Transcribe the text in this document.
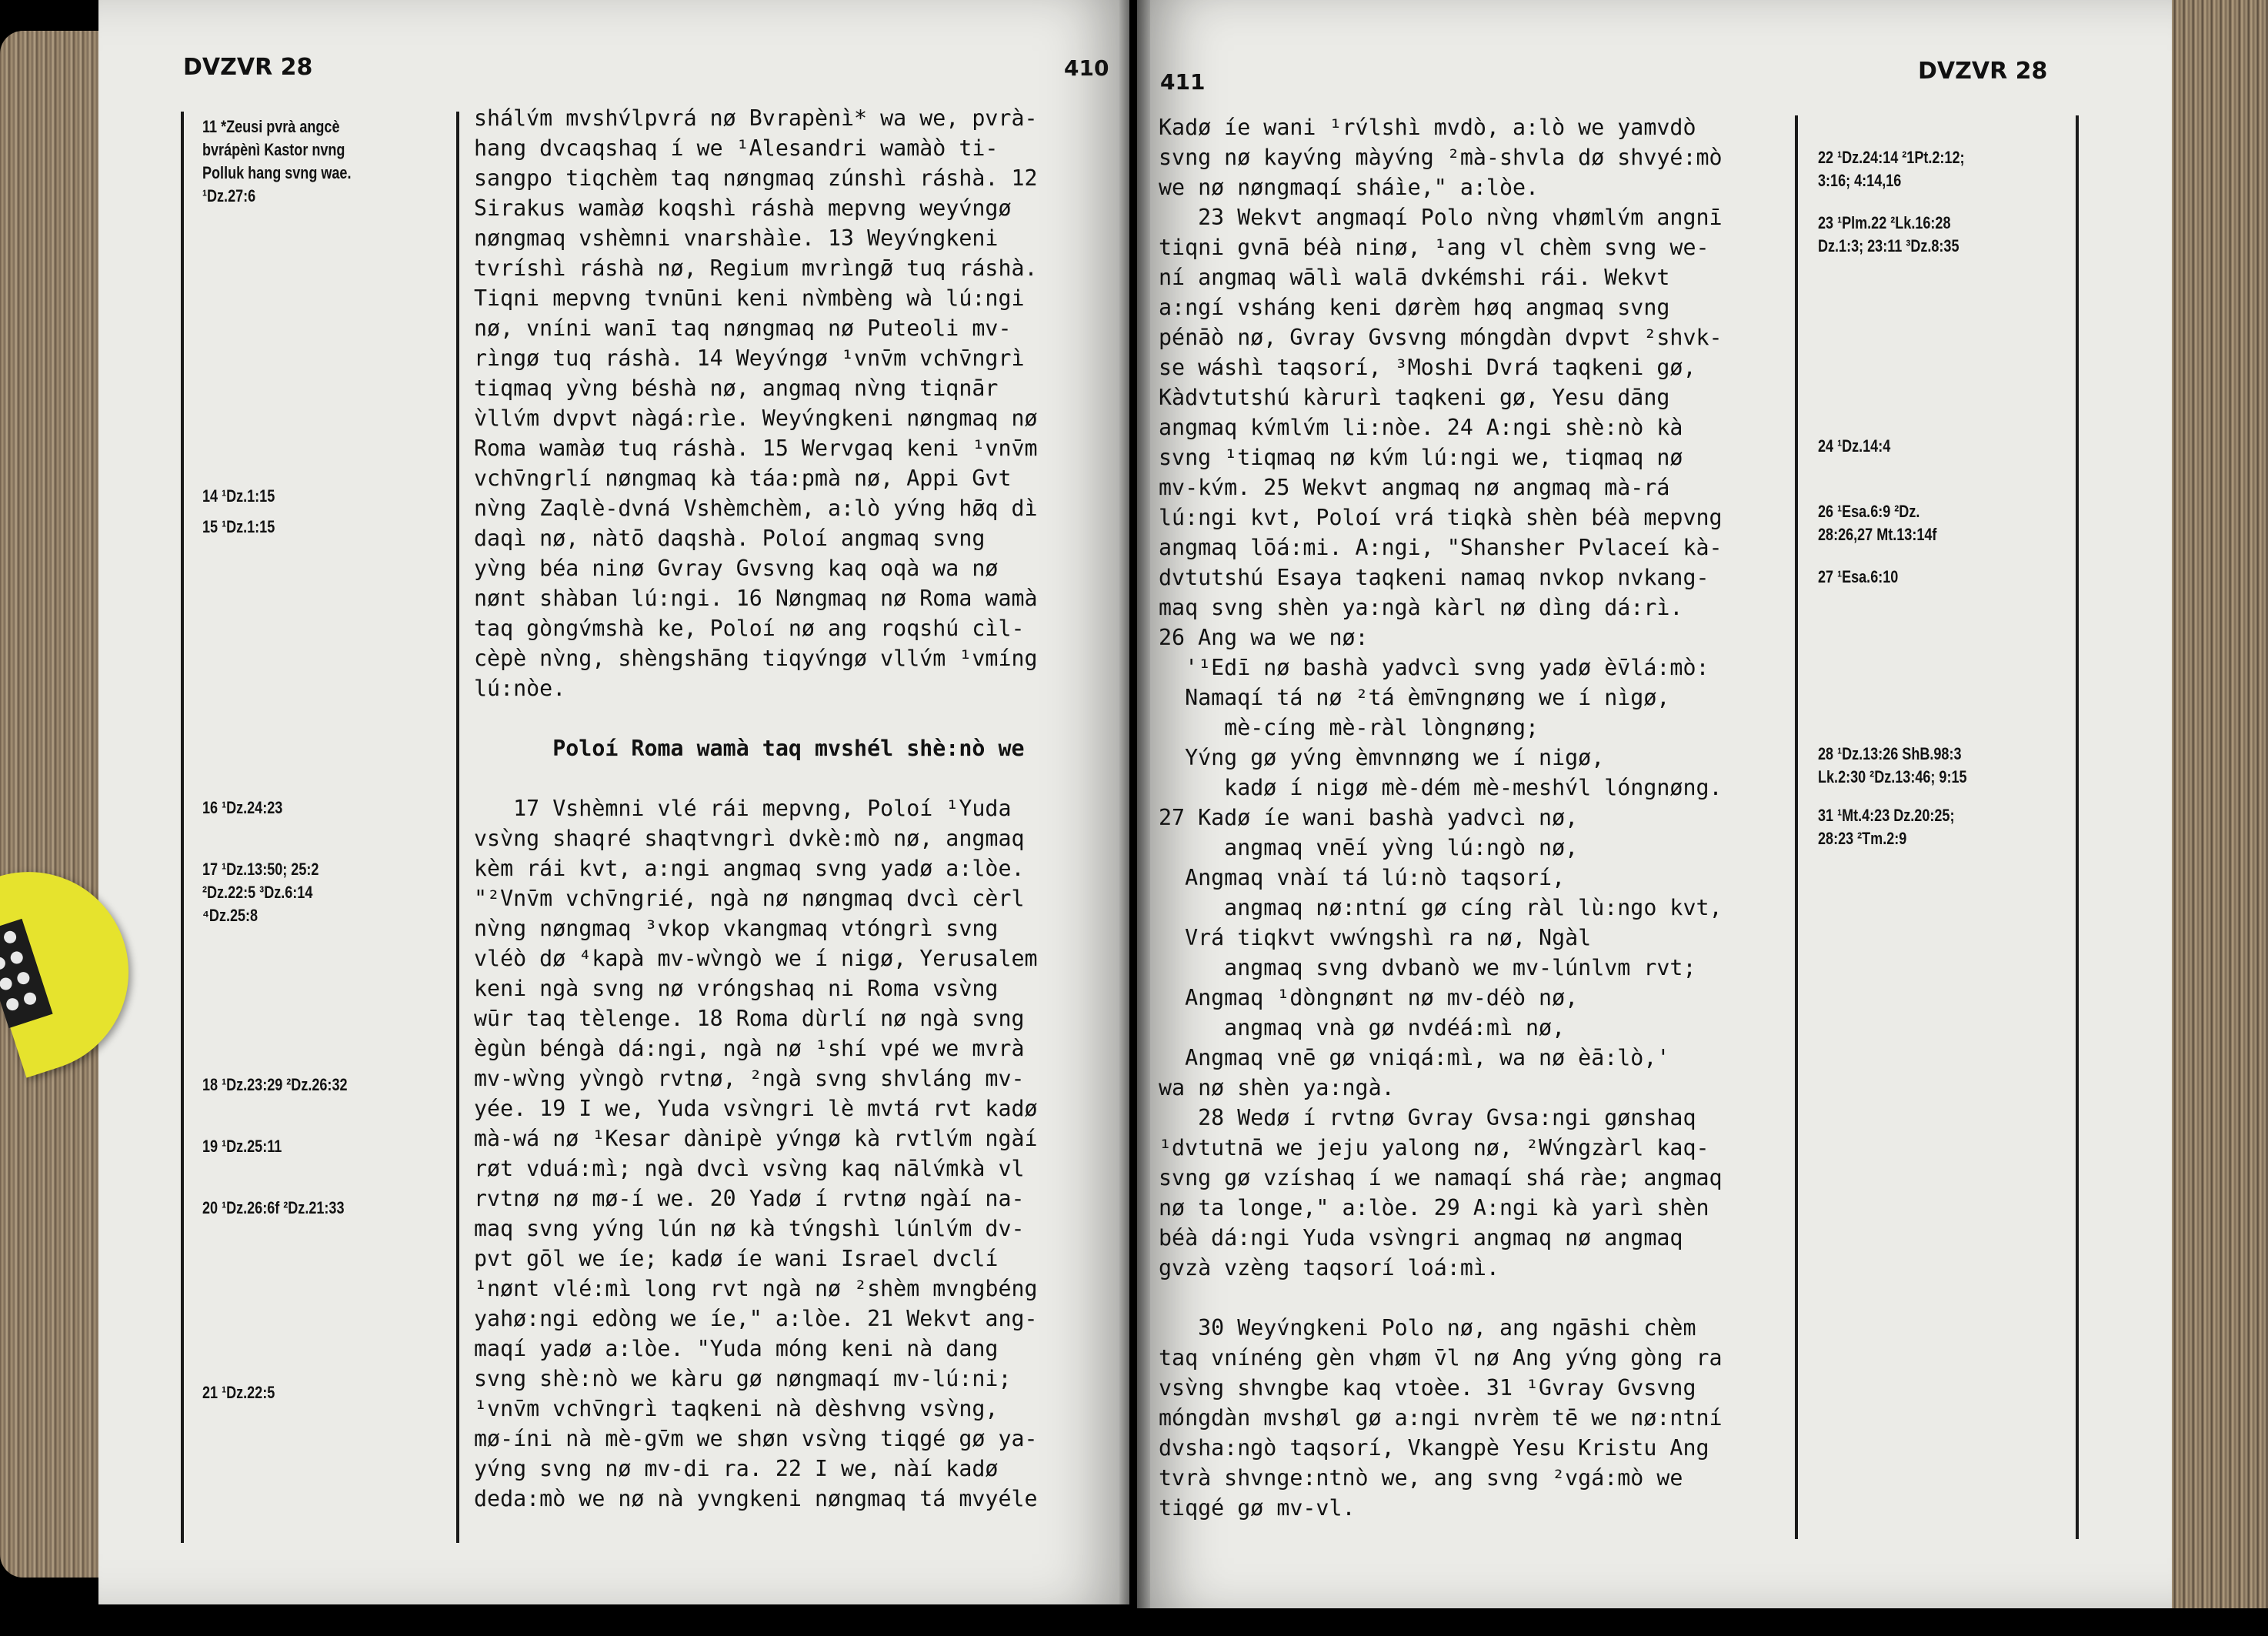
DVZVR 28	410
11 *Zeusi pvrà angcè
bvrápènì Kastor nvng
Polluk hang svng wae.
¹Dz.27:6
14 ¹Dz.1:15
15 ¹Dz.1:15
16 ¹Dz.24:23
17 ¹Dz.13:50; 25:2
²Dz.22:5 ³Dz.6:14
⁴Dz.25:8
18 ¹Dz.23:29 ²Dz.26:32
19 ¹Dz.25:11
20 ¹Dz.26:6f ²Dz.21:33
21 ¹Dz.22:5
shálv́m mvshv́lpvrá nø Bvrapènì* wa we, pvrà-
hang dvcaqshaq í we ¹Alesandri wamàò ti-
sangpo tiqchèm taq nøngmaq zúnshì ráshà. 12
Sirakus wamàø koqshì ráshà mepvng weyv́ngø
nøngmaq vshèmni vnarshàìe. 13 Weyv́ngkeni
tvríshì ráshà nø, Regium mvrìngø̄ tuq ráshà.
Tiqni mepvng tvnūni keni nv̀mbèng wà lú:ngi
nø, vníni wanī taq nøngmaq nø Puteoli mv-
rìngø tuq ráshà. 14 Weyv́ngø ¹vnv̄m vchv̄ngrì
tiqmaq yv̀ng béshà nø, angmaq nv̀ng tiqnār
v̀llv́m dvpvt nàgá:rìe. Weyv́ngkeni nøngmaq nø
Roma wamàø tuq ráshà. 15 Wervgaq keni ¹vnv̄m
vchv̄ngrlí nøngmaq kà táa:pmà nø, Appi Gvt
nv̀ng Zaqlè-dvná Vshèmchèm, a:lò yv́ng hø̄q dì
daqì nø, nàtō daqshà. Poloí angmaq svng
yv̀ng béa ninø Gvray Gvsvng kaq oqà wa nø
nønt shàban lú:ngi. 16 Nøngmaq nø Roma wamà
taq gòngv́mshà ke, Poloí nø ang roqshú cìl-
cèpè nv̀ng, shèngshāng tiqyv́ngø vllv́m ¹vmíng
lú:nòe.
Poloí Roma wamà taq mvshél shè:nò we
17 Vshèmni vlé rái mepvng, Poloí ¹Yuda
vsv̀ng shaqré shaqtvngrì dvkè:mò nø, angmaq
kèm rái kvt, a:ngi angmaq svng yadø a:lòe.
"²Vnv̄m vchv̄ngrié, ngà nø nøngmaq dvcì cèrl
nv̀ng nøngmaq ³vkop vkangmaq vtóngrì svng
vléò dø ⁴kapà mv-wv̀ngò we í nigø, Yerusalem
keni ngà svng nø vróngshaq ni Roma vsv̀ng
wūr taq tèlenge. 18 Roma dùrlí nø ngà svng
ègùn béngà dá:ngi, ngà nø ¹shí vpé we mvrà
mv-wv̀ng yv̀ngò rvtnø, ²ngà svng shvláng mv-
yée. 19 I we, Yuda vsv̀ngri lè mvtá rvt kadø
mà-wá nø ¹Kesar dànipè yv́ngø kà rvtlv́m ngàí
røt vduá:mì; ngà dvcì vsv̀ng kaq nālv́mkà vl
rvtnø nø mø-í we. 20 Yadø í rvtnø ngàí na-
maq svng yv́ng lún nø kà tv́ngshì lúnlv́m dv-
pvt gōl we íe; kadø íe wani Israel dvclí
¹nønt vlé:mì long rvt ngà nø ²shèm mvngbéng
yahø:ngi edòng we íe," a:lòe. 21 Wekvt ang-
maqí yadø a:lòe. "Yuda móng keni nà dang
svng shè:nò we kàru gø nøngmaqí mv-lú:ni;
¹vnv̄m vchv̄ngrì taqkeni nà dèshvng vsv̀ng,
mø-íni nà mè-gv̄m we shøn vsv̀ng tiqgé gø ya-
yv́ng svng nø mv-di ra. 22 I we, nàí kadø
deda:mò we nø nà yvngkeni nøngmaq tá mvyéle
411	DVZVR 28
Kadø íe wani ¹rv́lshì mvdò, a:lò we yamvdò
svng nø kayv́ng màyv́ng ²mà-shvla dø shvyé:mò
we nø nøngmaqí sháìe," a:lòe.
23 Wekvt angmaqí Polo nv̀ng vhømlv́m angnī
tiqni gvnā béà ninø, ¹ang vl chèm svng we-
ní angmaq wālì walā dvkémshi rái. Wekvt
a:ngí vsháng keni dørèm høq angmaq svng
pénāò nø, Gvray Gvsvng móngdàn dvpvt ²shvk-
se wáshì taqsorí, ³Moshi Dvrá taqkeni gø,
Kàdvtutshú kàrurì taqkeni gø, Yesu dāng
angmaq kv́mlv́m li:nòe. 24 A:ngi shè:nò kà
svng ¹tiqmaq nø kv́m lú:ngi we, tiqmaq nø
mv-kv́m. 25 Wekvt angmaq nø angmaq mà-rá
lú:ngi kvt, Poloí vrá tiqkà shèn béà mepvng
angmaq lōá:mi. A:ngi, "Shansher Pvlaceí kà-
dvtutshú Esaya taqkeni namaq nvkop nvkang-
maq svng shèn ya:ngà kàrl nø dìng dá:rì.
26 Ang wa we nø:
'¹Edī nø bashà yadvcì svng yadø èv̄lá:mò:
Namaqí tá nø ²tá èmv̄ngnøng we í nìgø,
mè-cíng mè-ràl lòngnøng;
Yv́ng gø yv́ng èmvnnøng we í nigø,
kadø í nigø mè-dém mè-meshv́l lóngnøng.
27 Kadø íe wani bashà yadvcì nø,
angmaq vnēí yv̀ng lú:ngò nø,
Angmaq vnàí tá lú:nò taqsorí,
angmaq nø:ntní gø cíng ràl lù:ngo kvt,
Vrá tiqkvt vwv́ngshì ra nø, Ngàl
angmaq svng dvbanò we mv-lúnlvm rvt;
Angmaq ¹dòngnønt nø mv-déò nø,
angmaq vnà gø nvdéá:mì nø,
Angmaq vnē gø vniqá:mì, wa nø èā:lò,'
wa nø shèn ya:ngà.
28 Wedø í rvtnø Gvray Gvsa:ngi gønshaq
¹dvtutnā we jeju yalong nø, ²Wv́ngzàrl kaq-
svng gø vzíshaq í we namaqí shá ràe; angmaq
nø ta longe," a:lòe. 29 A:ngi kà yarì shèn
béà dá:ngi Yuda vsv̀ngri angmaq nø angmaq
gvzà vzèng taqsorí loá:mì.
30 Weyv́ngkeni Polo nø, ang ngāshi chèm
taq vnínéng gèn vhøm v̄l nø Ang yv́ng gòng ra
vsv̀ng shvngbe kaq vtoèe. 31 ¹Gvray Gvsvng
móngdàn mvshøl gø a:ngi nvrèm tē we nø:ntní
dvsha:ngò taqsorí, Vkangpè Yesu Kristu Ang
tvrà shvnge:ntnò we, ang svng ²vgá:mò we
tiqgé gø mv-vl.
22 ¹Dz.24:14 ²1Pt.2:12;
3:16; 4:14,16
23 ¹Plm.22 ²Lk.16:28
Dz.1:3; 23:11 ³Dz.8:35
24 ¹Dz.14:4
26 ¹Esa.6:9 ²Dz.
28:26,27 Mt.13:14f
27 ¹Esa.6:10
28 ¹Dz.13:26 ShB.98:3
Lk.2:30 ²Dz.13:46; 9:15
31 ¹Mt.4:23 Dz.20:25;
28:23 ²Tm.2:9
